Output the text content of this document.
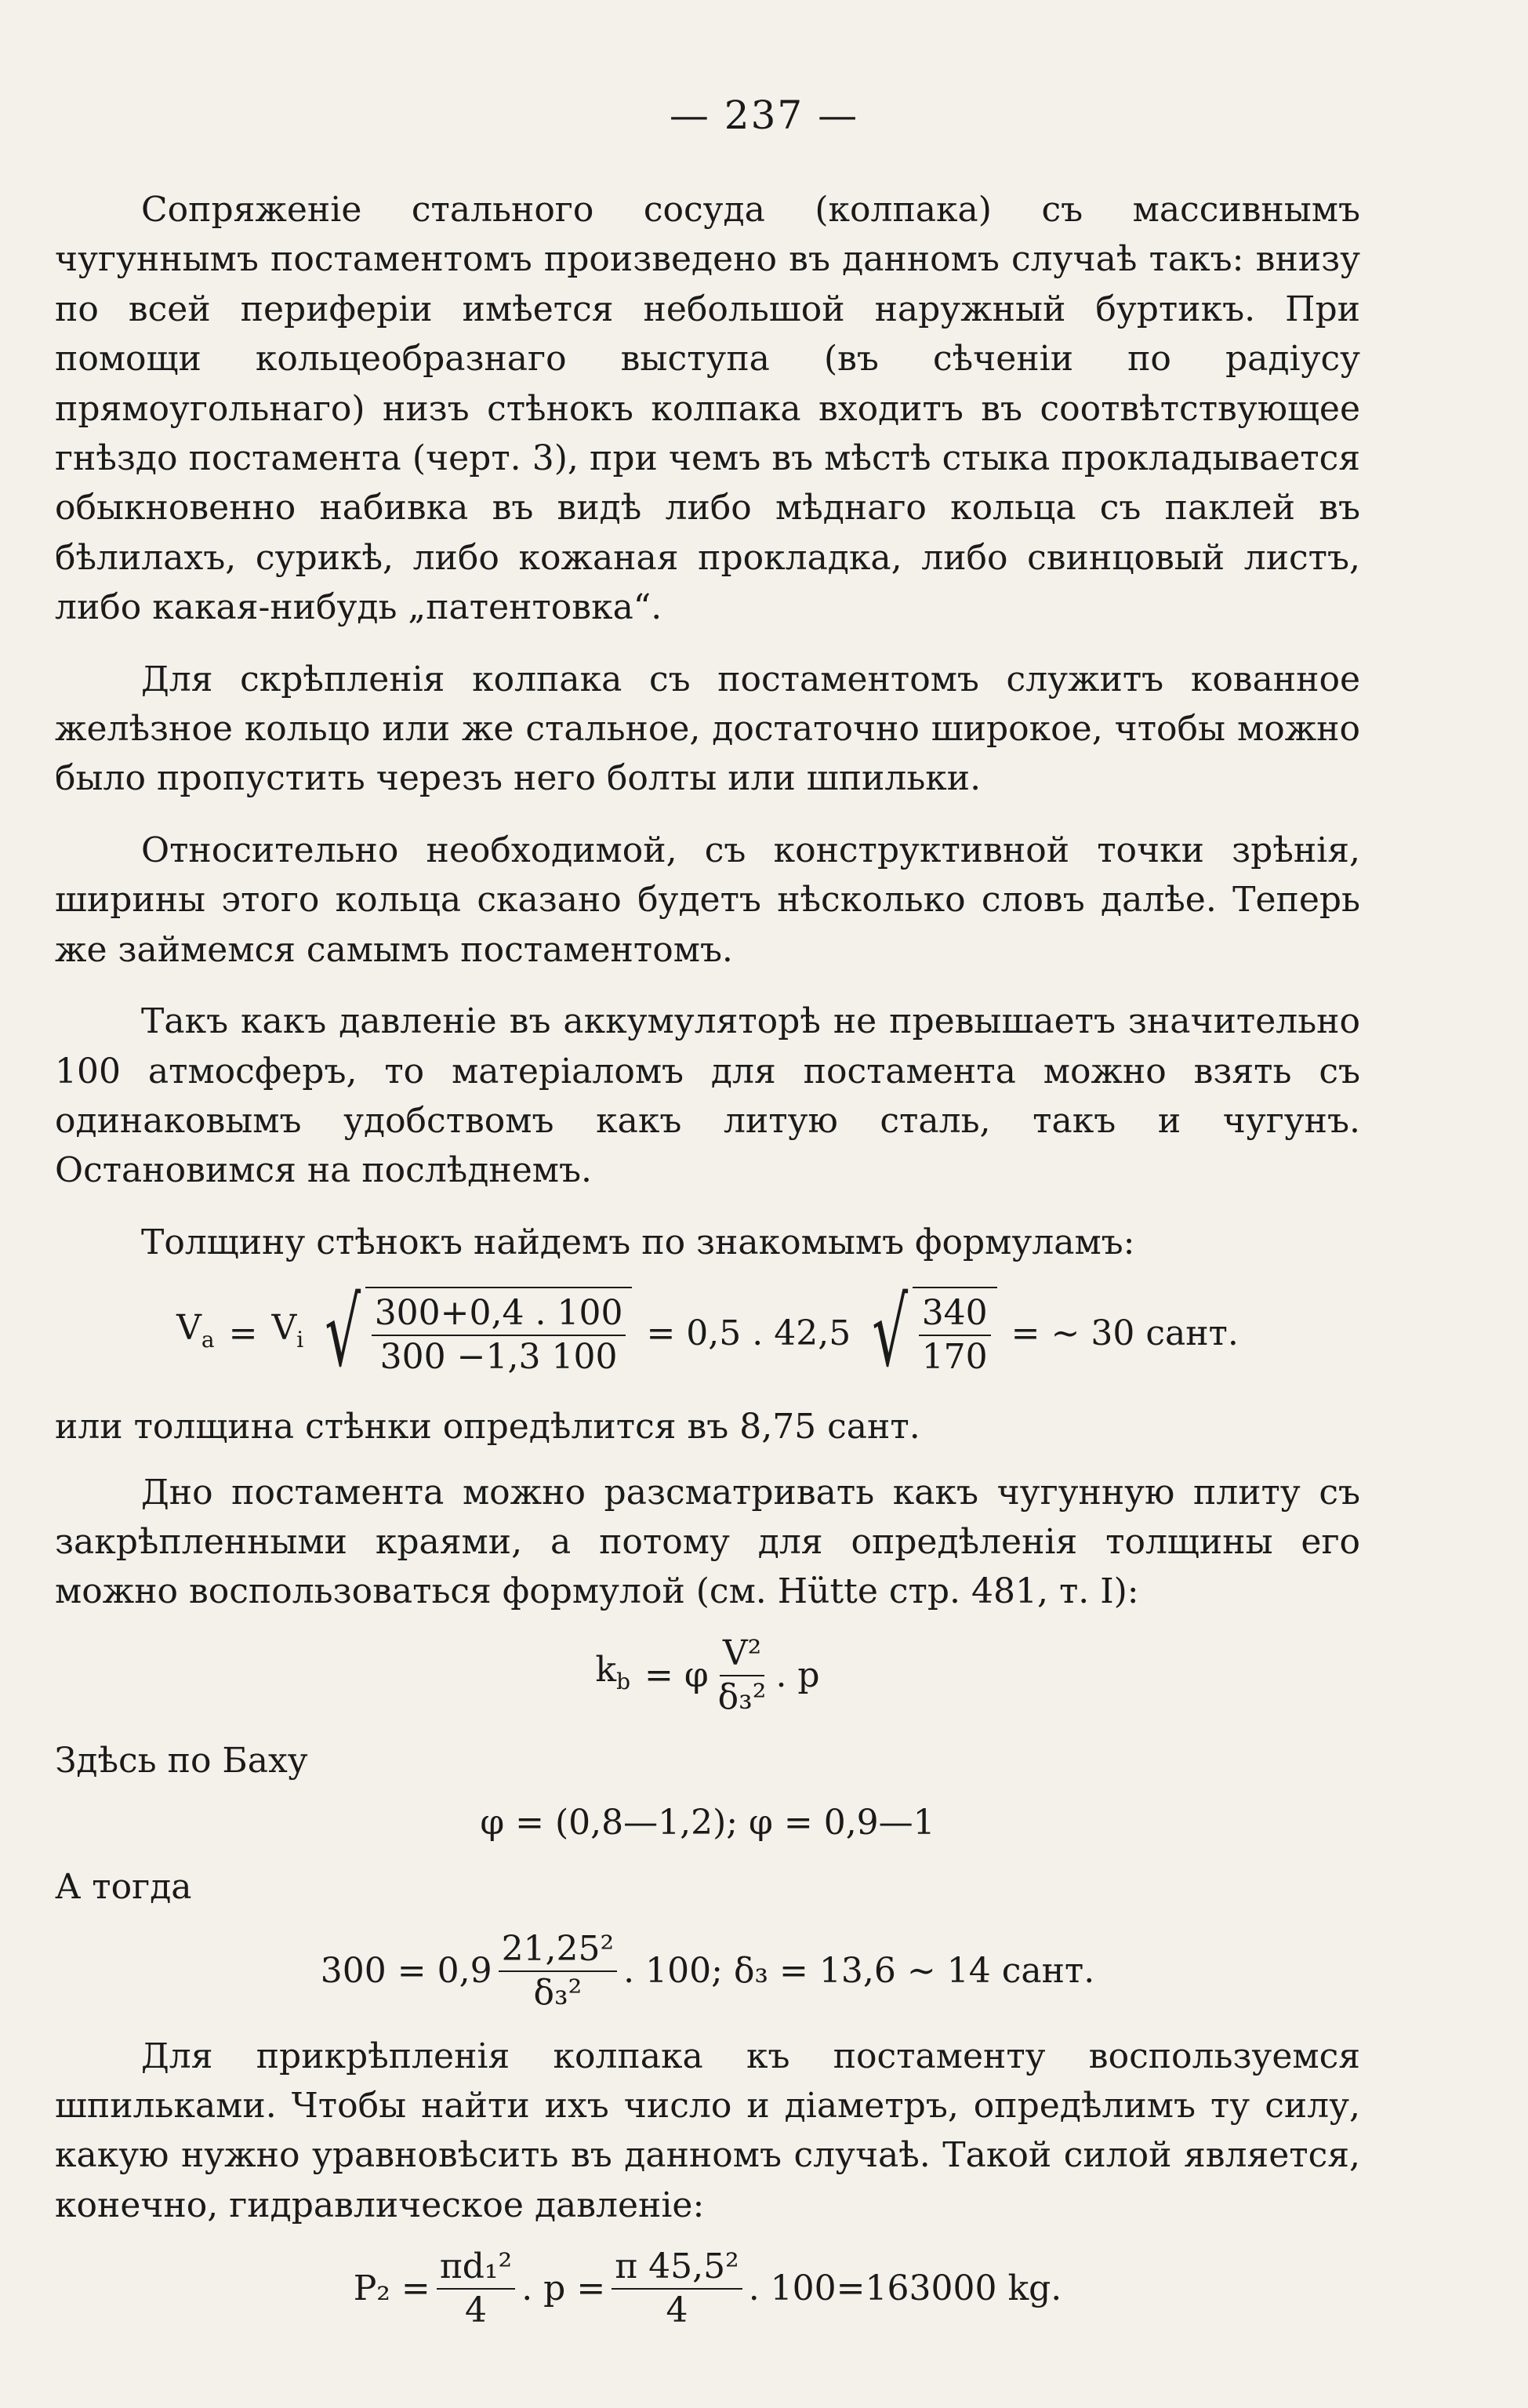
— 237 —

Сопряженіе стального сосуда (колпака) съ массивнымъ чугуннымъ постаментомъ произведено въ данномъ случаѣ такъ: внизу по всей периферіи имѣется небольшой наружный буртикъ. При помощи кольцеобразнаго выступа (въ сѣченіи по радіусу прямоугольнаго) низъ стѣнокъ колпака входитъ въ соотвѣтствующее гнѣздо постамента (черт. 3), при чемъ въ мѣстѣ стыка прокладывается обыкновенно набивка въ видѣ либо мѣднаго кольца съ паклей въ бѣлилахъ, сурикѣ, либо кожаная прокладка, либо свинцовый листъ, либо какая-нибудь „патентовка“.

Для скрѣпленія колпака съ постаментомъ служитъ кованное желѣзное кольцо или же стальное, достаточно широкое, чтобы можно было пропустить черезъ него болты или шпильки.

Относительно необходимой, съ конструктивной точки зрѣнія, ширины этого кольца сказано будетъ нѣсколько словъ далѣе. Теперь же займемся самымъ постаментомъ.

Такъ какъ давленіе въ аккумуляторѣ не превышаетъ значительно 100 атмосферъ, то матеріаломъ для постамента можно взять съ одинаковымъ удобствомъ какъ литую сталь, такъ и чугунъ. Остановимся на послѣднемъ.

Толщину стѣнокъ найдемъ по знакомымъ формуламъ:

$V_a = V_i$ √ $\frac{300+0,4 . 100}{300 -1,3 100} = 0,5$ . 42,5 √ $\frac{340}{170}$ = ∼ 30 сант.

или толщина стѣнки опредѣлится въ 8,75 сант.

Дно постамента можно разсматривать какъ чугунную плиту съ закрѣпленными краями, а потому для опредѣленія толщины его можно воспользоваться формулой (см. Hütte стр. 481, т. I):

$k_b = \varphi \frac{\text{V²}}{\text{δ₃²}}$ . p

Здѣсь по Баху

φ = (0,8—1,2); φ = 0,9—1

А тогда

$300 = 0,9 \frac{\text{21,25²}}{\text{δ₃²}}$ . 100; δ₃ = 13,6 ∼ 14 сант.

Для прикрѣпленія колпака къ постаменту воспользуемся шпильками. Чтобы найти ихъ число и діаметръ, опредѣлимъ ту силу, какую нужно уравновѣсить въ данномъ случаѣ. Такой силой является, конечно, гидравлическое давленіе:

$P_2 = \frac{\text{πd₁²}}{4}$ . $p = \frac{\text{π 45,5²}}{4}$ . 100=163000 kg.
